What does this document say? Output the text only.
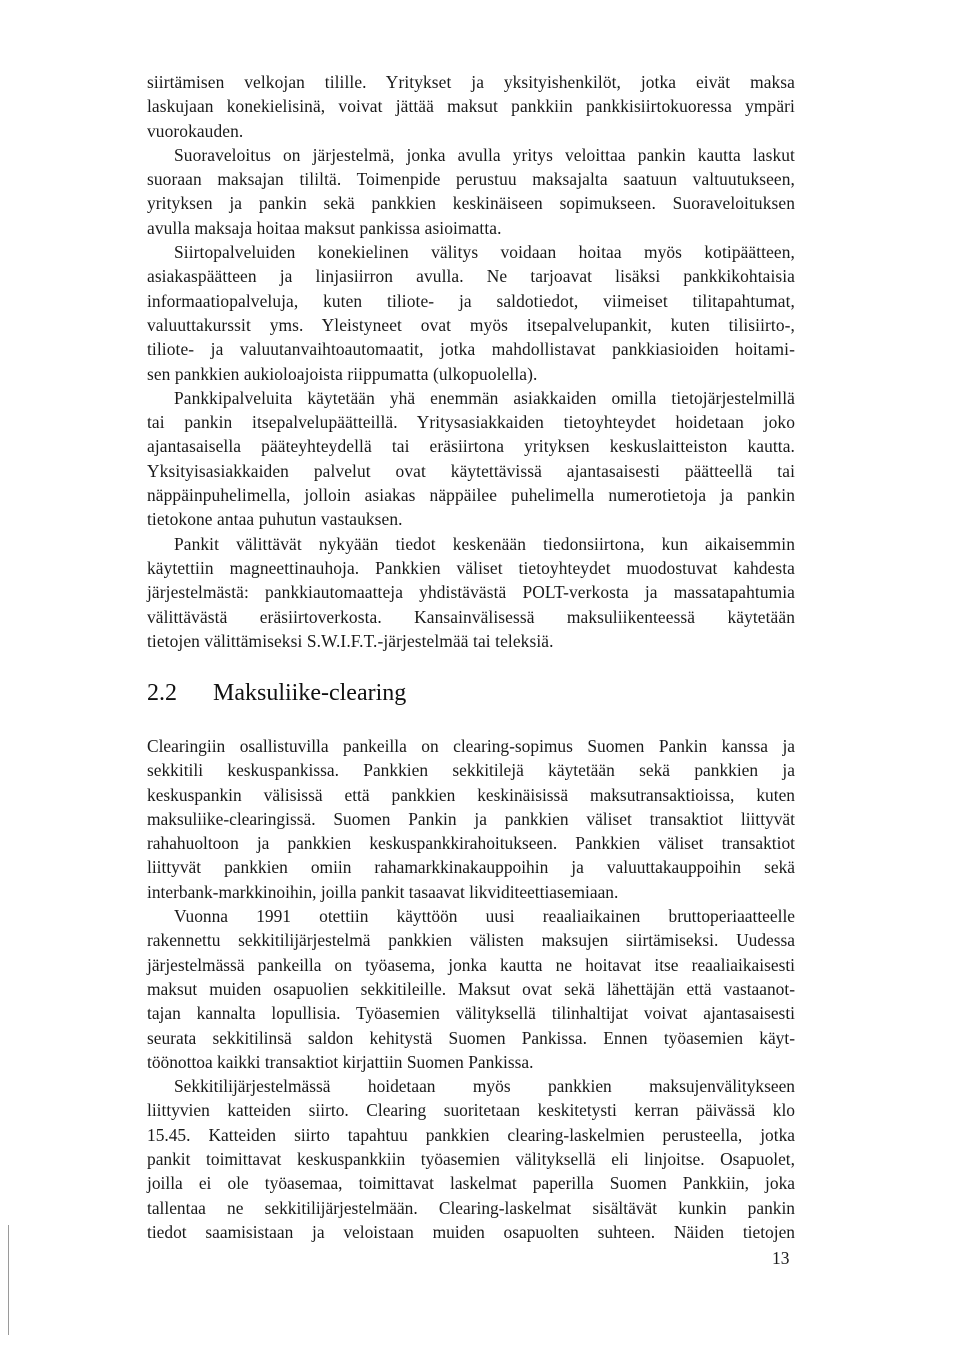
siirtämisen velkojan tilille. Yritykset ja yksityishenkilöt, jotka eivät maksa
laskujaan konekielisinä, voivat jättää maksut pankkiin pankkisiirtokuoressa ympäri
vuorokauden.
Suoraveloitus on järjestelmä, jonka avulla yritys veloittaa pankin kautta laskut
suoraan maksajan tililtä. Toimenpide perustuu maksajalta saatuun valtuutukseen,
yrityksen ja pankin sekä pankkien keskinäiseen sopimukseen. Suoraveloituksen
avulla maksaja hoitaa maksut pankissa asioimatta.
Siirtopalveluiden konekielinen välitys voidaan hoitaa myös kotipäätteen,
asiakaspäätteen ja linjasiirron avulla. Ne tarjoavat lisäksi pankkikohtaisia
informaatiopalveluja, kuten tiliote- ja saldotiedot, viimeiset tilitapahtumat,
valuuttakurssit yms. Yleistyneet ovat myös itsepalvelupankit, kuten tilisiirto-,
tiliote- ja valuutanvaihtoautomaatit, jotka mahdollistavat pankkiasioiden hoitami-
sen pankkien aukioloajoista riippumatta (ulkopuolella).
Pankkipalveluita käytetään yhä enemmän asiakkaiden omilla tietojärjestelmillä
tai pankin itsepalvelupäätteillä. Yritysasiakkaiden tietoyhteydet hoidetaan joko
ajantasaisella pääteyhteydellä tai eräsiirtona yrityksen keskuslaitteiston kautta.
Yksityisasiakkaiden palvelut ovat käytettävissä ajantasaisesti päätteellä tai
näppäinpuhelimella, jolloin asiakas näppäilee puhelimella numerotietoja ja pankin
tietokone antaa puhutun vastauksen.
Pankit välittävät nykyään tiedot keskenään tiedonsiirtona, kun aikaisemmin
käytettiin magneettinauhoja. Pankkien väliset tietoyhteydet muodostuvat kahdesta
järjestelmästä: pankkiautomaatteja yhdistävästä POLT-verkosta ja massatapahtumia
välittävästä eräsiirtoverkosta. Kansainvälisessä maksuliikenteessä käytetään
tietojen välittämiseksi S.W.I.F.T.-järjestelmää tai teleksiä.

2.2 Maksuliike-clearing

Clearingiin osallistuvilla pankeilla on clearing-sopimus Suomen Pankin kanssa ja
sekkitili keskuspankissa. Pankkien sekkitilejä käytetään sekä pankkien ja
keskuspankin välisissä että pankkien keskinäisissä maksutransaktioissa, kuten
maksuliike-clearingissä. Suomen Pankin ja pankkien väliset transaktiot liittyvät
rahahuoltoon ja pankkien keskuspankkirahoitukseen. Pankkien väliset transaktiot
liittyvät pankkien omiin rahamarkkinakauppoihin ja valuuttakauppoihin sekä
interbank-markkinoihin, joilla pankit tasaavat likviditeettiasemiaan.
Vuonna 1991 otettiin käyttöön uusi reaaliaikainen bruttoperiaatteelle
rakennettu sekkitilijärjestelmä pankkien välisten maksujen siirtämiseksi. Uudessa
järjestelmässä pankeilla on työasema, jonka kautta ne hoitavat itse reaaliaikaisesti
maksut muiden osapuolien sekkitileille. Maksut ovat sekä lähettäjän että vastaanot-
tajan kannalta lopullisia. Työasemien välityksellä tilinhaltijat voivat ajantasaisesti
seurata sekkitilinsä saldon kehitystä Suomen Pankissa. Ennen työasemien käyt-
töönottoa kaikki transaktiot kirjattiin Suomen Pankissa.
Sekkitilijärjestelmässä hoidetaan myös pankkien maksujenvälitykseen
liittyvien katteiden siirto. Clearing suoritetaan keskitetysti kerran päivässä klo
15.45. Katteiden siirto tapahtuu pankkien clearing-laskelmien perusteella, jotka
pankit toimittavat keskuspankkiin työasemien välityksellä eli linjoitse. Osapuolet,
joilla ei ole työasemaa, toimittavat laskelmat paperilla Suomen Pankkiin, joka
tallentaa ne sekkitilijärjestelmään. Clearing-laskelmat sisältävät kunkin pankin
tiedot saamisistaan ja veloistaan muiden osapuolten suhteen. Näiden tietojen

13
